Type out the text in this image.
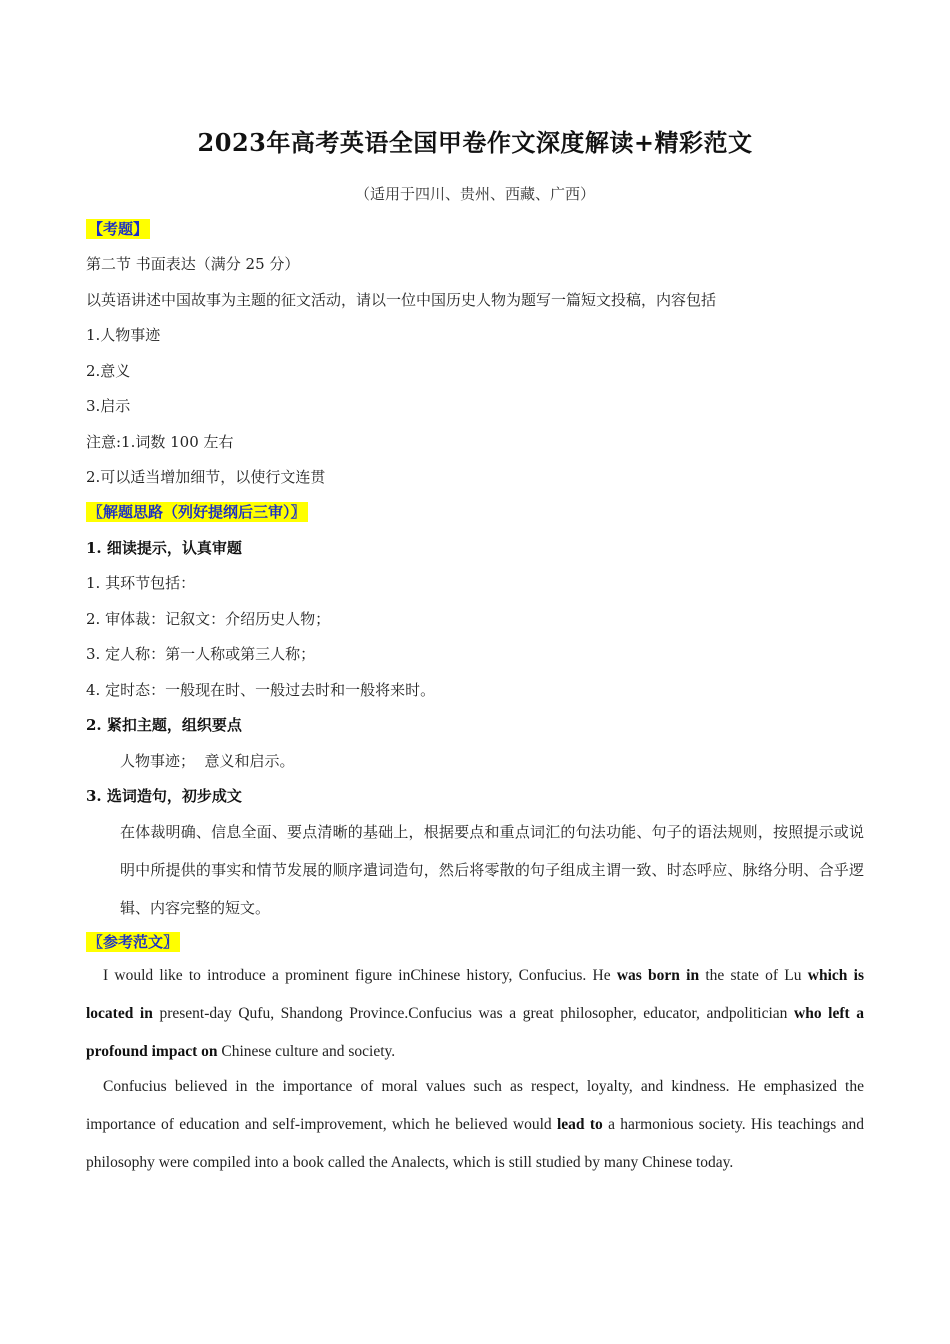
2023年高考英语全国甲卷作文深度解读+精彩范文
（适用于四川、贵州、西藏、广西）
【考题】
第二节 书面表达（满分 25 分）
以英语讲述中国故事为主题的征文活动，请以一位中国历史人物为题写一篇短文投稿，内容包括
1.人物事迹
2.意义
3.启示
注意:1.词数 100 左右
2.可以适当增加细节，以使行文连贯
〖解题思路（列好提纲后三审）〗
1. 细读提示，认真审题
1. 其环节包括：
2. 审体裁：记叙文：介绍历史人物；
3. 定人称：第一人称或第三人称；
4. 定时态：一般现在时、一般过去时和一般将来时。
2. 紧扣主题，组织要点
人物事迹；  意义和启示。
3. 选词造句，初步成文
在体裁明确、信息全面、要点清晰的基础上，根据要点和重点词汇的句法功能、句子的语法规则，按照提示或说明中所提供的事实和情节发展的顺序遣词造句，然后将零散的句子组成主谓一致、时态呼应、脉络分明、合乎逻辑、内容完整的短文。
〖参考范文〗
I would like to introduce a prominent figure inChinese history, Confucius. He was born in the state of Lu which is located in present-day Qufu, Shandong Province.Confucius was a great philosopher, educator, andpolitician who left a profound impact on Chinese culture and society.
Confucius believed in the importance of moral values such as respect, loyalty, and kindness. He emphasized the importance of education and self-improvement, which he believed would lead to a harmonious society. His teachings and philosophy were compiled into a book called the Analects, which is still studied by many Chinese today.
